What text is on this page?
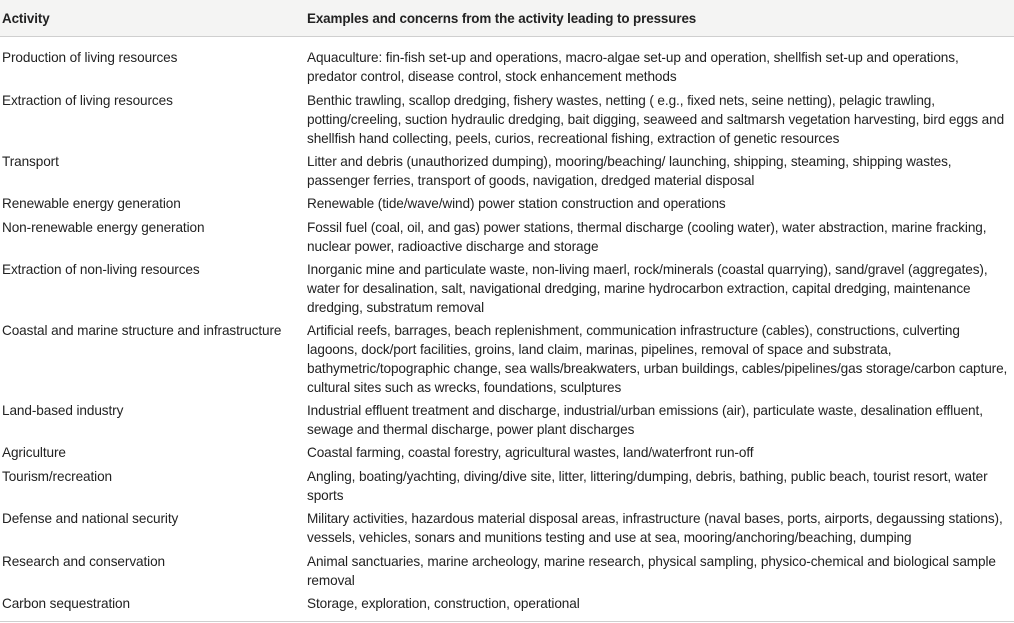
Activity	Examples and concerns from the activity leading to pressures
Production of living resources	Aquaculture: fin-fish set-up and operations, macro-algae set-up and operation, shellfish set-up and operations, predator control, disease control, stock enhancement methods
Extraction of living resources	Benthic trawling, scallop dredging, fishery wastes, netting ( e.g., fixed nets, seine netting), pelagic trawling, potting/creeling, suction hydraulic dredging, bait digging, seaweed and saltmarsh vegetation harvesting, bird eggs and shellfish hand collecting, peels, curios, recreational fishing, extraction of genetic resources
Transport	Litter and debris (unauthorized dumping), mooring/beaching/ launching, shipping, steaming, shipping wastes, passenger ferries, transport of goods, navigation, dredged material disposal
Renewable energy generation	Renewable (tide/wave/wind) power station construction and operations
Non-renewable energy generation	Fossil fuel (coal, oil, and gas) power stations, thermal discharge (cooling water), water abstraction, marine fracking, nuclear power, radioactive discharge and storage
Extraction of non-living resources	Inorganic mine and particulate waste, non-living maerl, rock/minerals (coastal quarrying), sand/gravel (aggregates), water for desalination, salt, navigational dredging, marine hydrocarbon extraction, capital dredging, maintenance dredging, substratum removal
Coastal and marine structure and infrastructure	Artificial reefs, barrages, beach replenishment, communication infrastructure (cables), constructions, culverting lagoons, dock/port facilities, groins, land claim, marinas, pipelines, removal of space and substrata, bathymetric/topographic change, sea walls/breakwaters, urban buildings, cables/pipelines/gas storage/carbon capture, cultural sites such as wrecks, foundations, sculptures
Land-based industry	Industrial effluent treatment and discharge, industrial/urban emissions (air), particulate waste, desalination effluent, sewage and thermal discharge, power plant discharges
Agriculture	Coastal farming, coastal forestry, agricultural wastes, land/waterfront run-off
Tourism/recreation	Angling, boating/yachting, diving/dive site, litter, littering/dumping, debris, bathing, public beach, tourist resort, water sports
Defense and national security	Military activities, hazardous material disposal areas, infrastructure (naval bases, ports, airports, degaussing stations), vessels, vehicles, sonars and munitions testing and use at sea, mooring/anchoring/beaching, dumping
Research and conservation	Animal sanctuaries, marine archeology, marine research, physical sampling, physico-chemical and biological sample removal
Carbon sequestration	Storage, exploration, construction, operational
